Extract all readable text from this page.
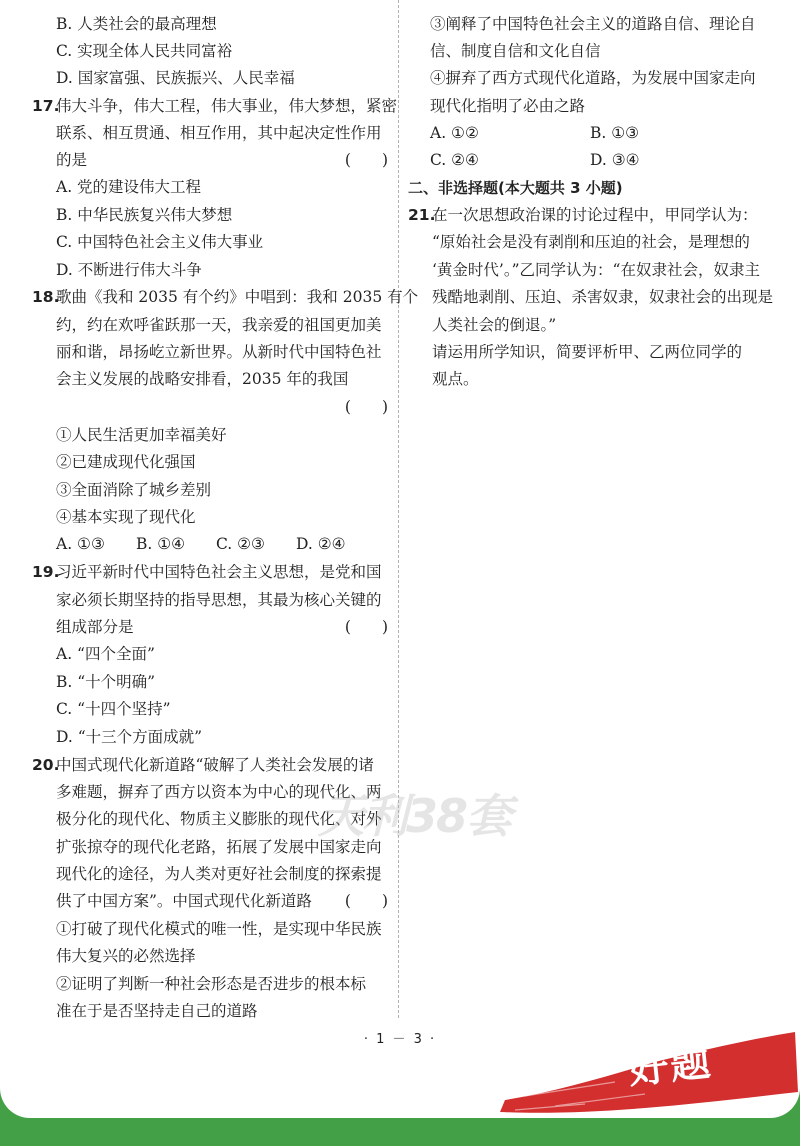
B. 人类社会的最高理想
C. 实现全体人民共同富裕
D. 国家富强、民族振兴、人民幸福
17.
伟大斗争，伟大工程，伟大事业，伟大梦想，紧密
联系、相互贯通、相互作用，其中起决定性作用
的是	(　　)
A. 党的建设伟大工程
B. 中华民族复兴伟大梦想
C. 中国特色社会主义伟大事业
D. 不断进行伟大斗争
18.
歌曲《我和 2035 有个约》中唱到：我和 2035 有个
约，约在欢呼雀跃那一天，我亲爱的祖国更加美
丽和谐，昂扬屹立新世界。从新时代中国特色社
会主义发展的战略安排看，2035 年的我国
(　　)
①人民生活更加幸福美好
②已建成现代化强国
③全面消除了城乡差别
④基本实现了现代化
A. ①③ B. ①④ C. ②③ D. ②④
19.
习近平新时代中国特色社会主义思想，是党和国
家必须长期坚持的指导思想，其最为核心关键的
组成部分是	(　　)
A. “四个全面”
B. “十个明确”
C. “十四个坚持”
D. “十三个方面成就”
20.
中国式现代化新道路“破解了人类社会发展的诸
多难题，摒弃了西方以资本为中心的现代化、两
极分化的现代化、物质主义膨胀的现代化、对外
扩张掠夺的现代化老路，拓展了发展中国家走向
现代化的途径，为人类对更好社会制度的探索提
供了中国方案”。中国式现代化新道路 (　　)
①打破了现代化模式的唯一性，是实现中华民族
伟大复兴的必然选择
②证明了判断一种社会形态是否进步的根本标
准在于是否坚持走自己的道路
③阐释了中国特色社会主义的道路自信、理论自
信、制度自信和文化自信
④摒弃了西方式现代化道路，为发展中国家走向
现代化指明了必由之路
A. ①②	B. ①③
C. ②④	D. ③④
二、非选择题(本大题共 3 小题)
21.
在一次思想政治课的讨论过程中，甲同学认为：
“原始社会是没有剥削和压迫的社会，是理想的
‘黄金时代’。”乙同学认为：“在奴隶社会，奴隶主
残酷地剥削、压迫、杀害奴隶，奴隶社会的出现是
人类社会的倒退。”
请运用所学知识，简要评析甲、乙两位同学的
观点。
天利38套
· 1 － 3 ·	好题
